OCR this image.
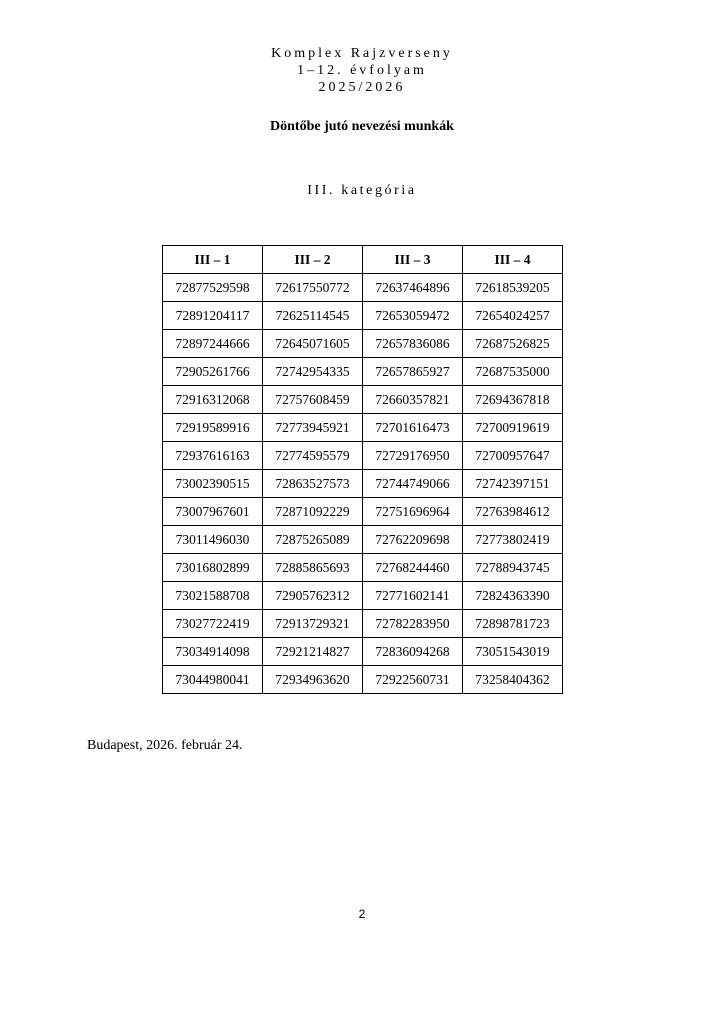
Komplex Rajzverseny
1–12. évfolyam
2025/2026
Döntőbe jutó nevezési munkák
III. kategória
III – 1	III – 2	III – 3	III – 4
72877529598	72617550772	72637464896	72618539205
72891204117	72625114545	72653059472	72654024257
72897244666	72645071605	72657836086	72687526825
72905261766	72742954335	72657865927	72687535000
72916312068	72757608459	72660357821	72694367818
72919589916	72773945921	72701616473	72700919619
72937616163	72774595579	72729176950	72700957647
73002390515	72863527573	72744749066	72742397151
73007967601	72871092229	72751696964	72763984612
73011496030	72875265089	72762209698	72773802419
73016802899	72885865693	72768244460	72788943745
73021588708	72905762312	72771602141	72824363390
73027722419	72913729321	72782283950	72898781723
73034914098	72921214827	72836094268	73051543019
73044980041	72934963620	72922560731	73258404362
Budapest, 2026. február 24.
2
